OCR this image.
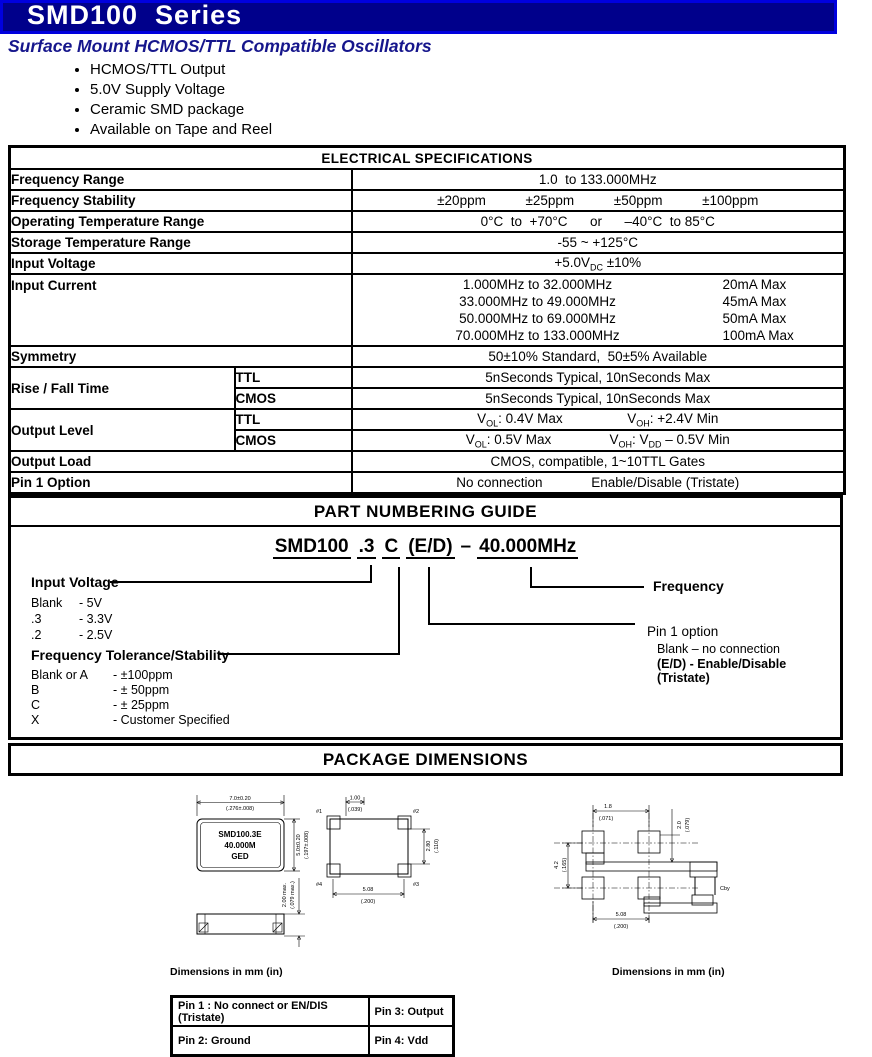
SMD100  Series
Surface Mount HCMOS/TTL Compatible Oscillators
• HCMOS/TTL Output
• 5.0V Supply Voltage
• Ceramic SMD package
• Available on Tape and Reel
ELECTRICAL SPECIFICATIONS		
Frequency Range		1.0  to 133.000MHz
Frequency Stability		±20ppm ±25ppm ±50ppm ±100ppm

Operating Temperature Range		0°C  to  +70°C      or      –40°C  to 85°C
Storage Temperature Range		-55 ~ +125°C
Input Voltage		$+5.0V_{DC} \pm 10\%$
Input Current	1.000MHz to 32.000MHz	20mA Max
33.000MHz to 49.000MHz	45mA Max
50.000MHz to 69.000MHz	50mA Max
70.000MHz to 133.000MHz	100mA Max

Symmetry		50±10% Standard,  50±5% Available
Rise / Fall Time	TTL	5nSeconds Typical, 10nSeconds Max
	CMOS	5nSeconds Typical, 10nSeconds Max
Output Level	TTL	$V_{OL}$: 0.4V Max $V_{OH}$: +2.4V Min

	CMOS	$V_{OL}$: 0.5V Max $V_{OH}$: $V_{DD} - 0.5V$ Min

Output Load		CMOS, compatible, 1~10TTL Gates
Pin 1 Option		No connection Enable/Disable (Tristate)
PART NUMBERING GUIDE
SMD100 .3 C (E/D) – 40.000MHz
Input Voltage
Blank	- 5V
.3	- 3.3V
.2	- 2.5V
Frequency Tolerance/Stability
Blank or A	- ±100ppm
B	- ± 50ppm
C	- ± 25ppm
X	- Customer Specified
Frequency
Pin 1 option
Blank – no connection
(E/D) - Enable/Disable (Tristate)
PACKAGE DIMENSIONS
7.0±0.20
(.276±.008)
SMD100.3E
40.000M
GED
5.0±0.20 (.197±.008)
2.00 max. (.079 max.)
1.00
(.039)
#1	#2
#3
#4
2.80 (.110)
5.08
(.200)
Cby
1.8
(.071)
2.0 (.079)
4.2 (.165)
5.08
(.200)
Dimensions in mm (in)	Dimensions in mm (in)
Pin 1 : No connect or EN/DIS (Tristate)	Pin 3: Output
Pin 2: Ground	Pin 4: Vdd
